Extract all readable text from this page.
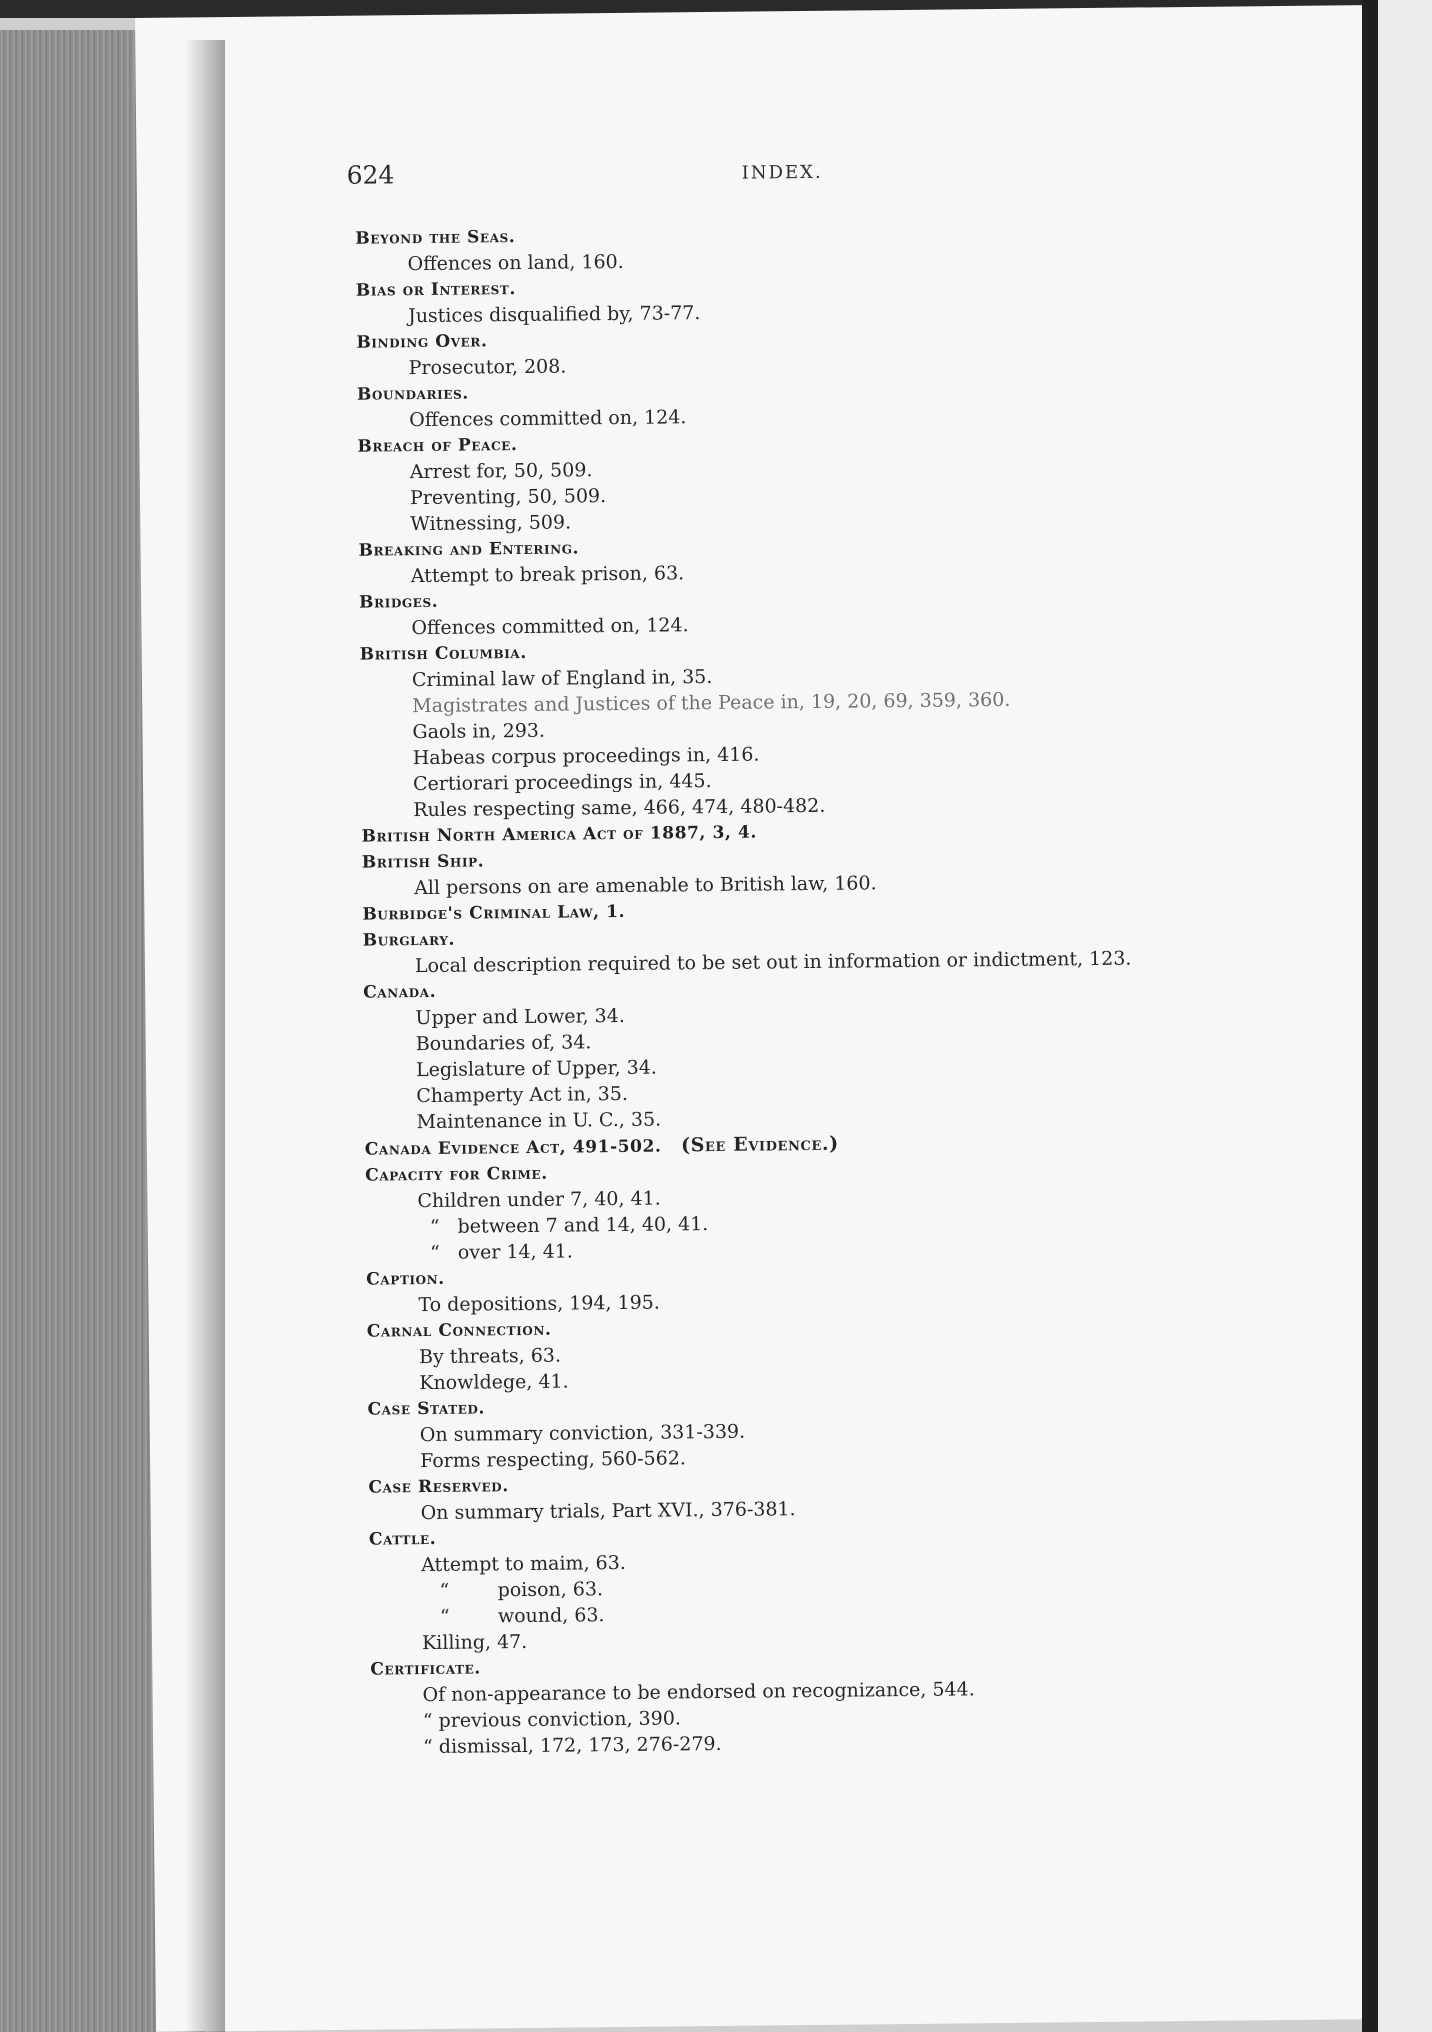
624	INDEX.
Beyond the Seas.
Offences on land, 160.
Bias or Interest.
Justices disqualified by, 73-77.
Binding Over.
Prosecutor, 208.
Boundaries.
Offences committed on, 124.
Breach of Peace.
Arrest for, 50, 509.
Preventing, 50, 509.
Witnessing, 509.
Breaking and Entering.
Attempt to break prison, 63.
Bridges.
Offences committed on, 124.
British Columbia.
Criminal law of England in, 35.
Magistrates and Justices of the Peace in, 19, 20, 69, 359, 360.
Gaols in, 293.
Habeas corpus proceedings in, 416.
Certiorari proceedings in, 445.
Rules respecting same, 466, 474, 480-482.
British North America Act of 1887, 3, 4.
British Ship.
All persons on are amenable to British law, 160.
Burbidge's Criminal Law, 1.
Burglary.
Local description required to be set out in information or indictment, 123.
Canada.
Upper and Lower, 34.
Boundaries of, 34.
Legislature of Upper, 34.
Champerty Act in, 35.
Maintenance in U. C., 35.
Canada Evidence Act, 491-502. (See Evidence.)
Capacity for Crime.
Children under 7, 40, 41.
“   between 7 and 14, 40, 41.
“   over 14, 41.
Caption.
To depositions, 194, 195.
Carnal Connection.
By threats, 63.
Knowldege, 41.
Case Stated.
On summary conviction, 331-339.
Forms respecting, 560-562.
Case Reserved.
On summary trials, Part XVI., 376-381.
Cattle.
Attempt to maim, 63.
“        poison, 63.
“        wound, 63.
Killing, 47.
Certificate.
Of non-appearance to be endorsed on recognizance, 544.
“ previous conviction, 390.
“ dismissal, 172, 173, 276-279.
